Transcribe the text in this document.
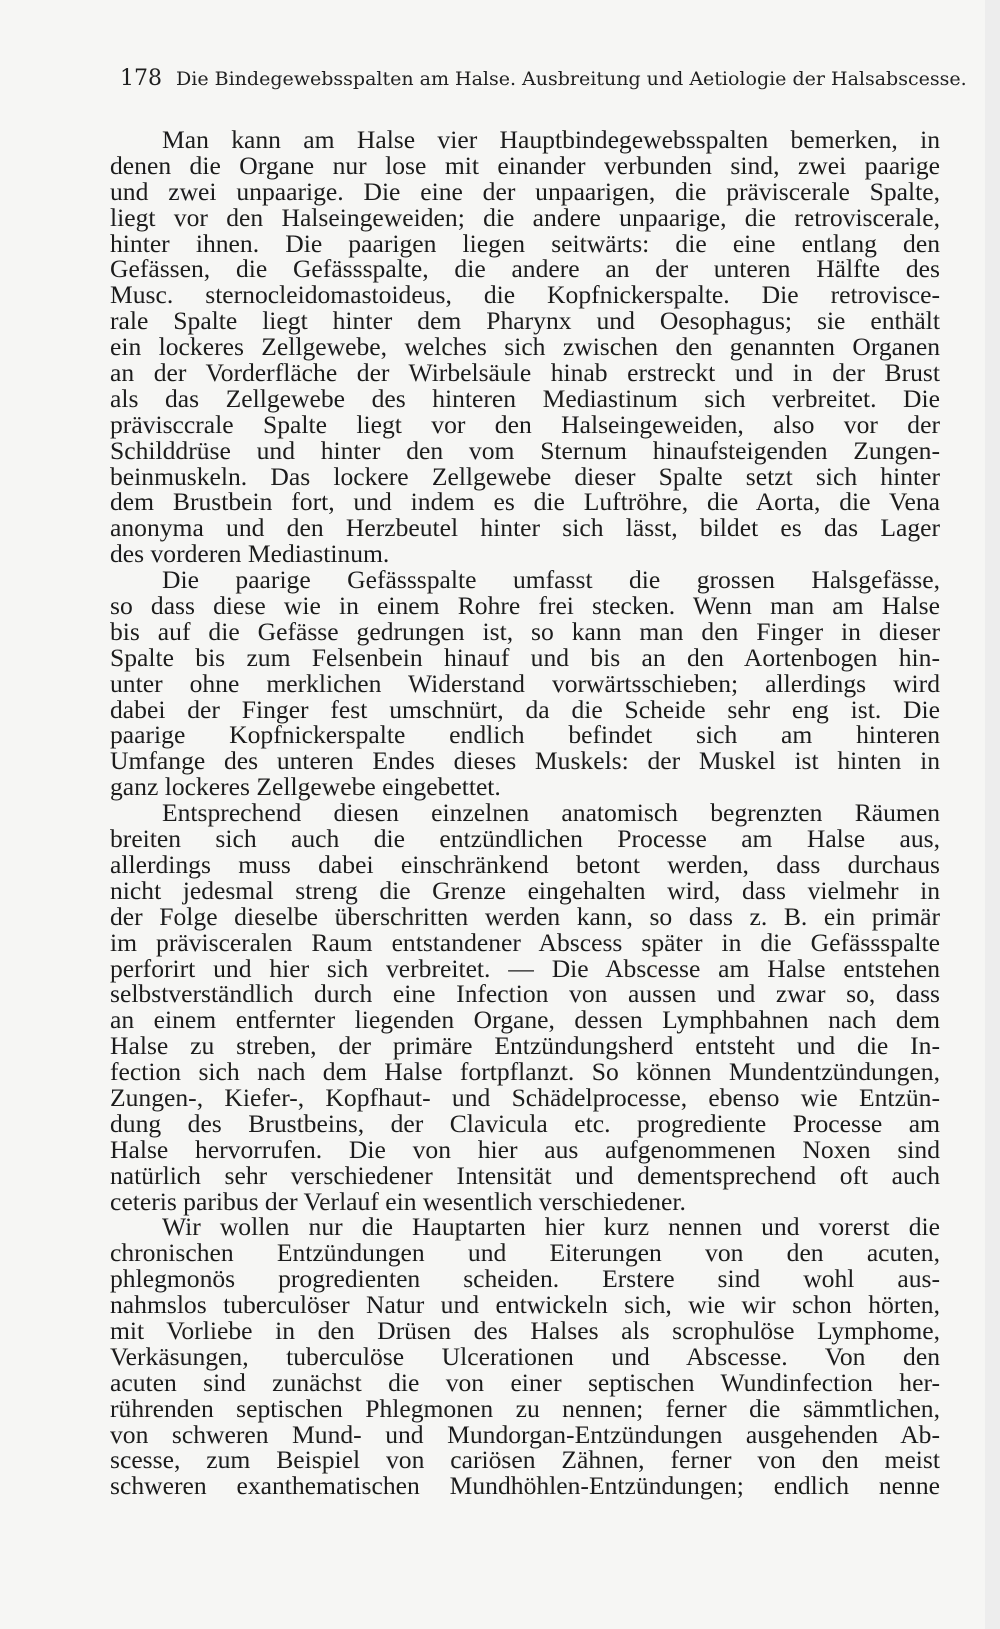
178 Die Bindegewebsspalten am Halse. Ausbreitung und Aetiologie der Halsabscesse.
Man kann am Halse vier Hauptbindegewebsspalten bemerken, in
denen die Organe nur lose mit einander verbunden sind, zwei paarige
und zwei unpaarige. Die eine der unpaarigen, die präviscerale Spalte,
liegt vor den Halseingeweiden; die andere unpaarige, die retroviscerale,
hinter ihnen. Die paarigen liegen seitwärts: die eine entlang den
Gefässen, die Gefässspalte, die andere an der unteren Hälfte des
Musc. sternocleidomastoideus, die Kopfnickerspalte. Die retrovisce-
rale Spalte liegt hinter dem Pharynx und Oesophagus; sie enthält
ein lockeres Zellgewebe, welches sich zwischen den genannten Organen
an der Vorderfläche der Wirbelsäule hinab erstreckt und in der Brust
als das Zellgewebe des hinteren Mediastinum sich verbreitet. Die
prävisccrale Spalte liegt vor den Halseingeweiden, also vor der
Schilddrüse und hinter den vom Sternum hinaufsteigenden Zungen-
beinmuskeln. Das lockere Zellgewebe dieser Spalte setzt sich hinter
dem Brustbein fort, und indem es die Luftröhre, die Aorta, die Vena
anonyma und den Herzbeutel hinter sich lässt, bildet es das Lager
des vorderen Mediastinum.
Die paarige Gefässspalte umfasst die grossen Halsgefässe,
so dass diese wie in einem Rohre frei stecken. Wenn man am Halse
bis auf die Gefässe gedrungen ist, so kann man den Finger in dieser
Spalte bis zum Felsenbein hinauf und bis an den Aortenbogen hin-
unter ohne merklichen Widerstand vorwärtsschieben; allerdings wird
dabei der Finger fest umschnürt, da die Scheide sehr eng ist. Die
paarige Kopfnickerspalte endlich befindet sich am hinteren
Umfange des unteren Endes dieses Muskels: der Muskel ist hinten in
ganz lockeres Zellgewebe eingebettet.
Entsprechend diesen einzelnen anatomisch begrenzten Räumen
breiten sich auch die entzündlichen Processe am Halse aus,
allerdings muss dabei einschränkend betont werden, dass durchaus
nicht jedesmal streng die Grenze eingehalten wird, dass vielmehr in
der Folge dieselbe überschritten werden kann, so dass z. B. ein primär
im prävisceralen Raum entstandener Abscess später in die Gefässspalte
perforirt und hier sich verbreitet. — Die Abscesse am Halse entstehen
selbstverständlich durch eine Infection von aussen und zwar so, dass
an einem entfernter liegenden Organe, dessen Lymphbahnen nach dem
Halse zu streben, der primäre Entzündungsherd entsteht und die In-
fection sich nach dem Halse fortpflanzt. So können Mundentzündungen,
Zungen-, Kiefer-, Kopfhaut- und Schädelprocesse, ebenso wie Entzün-
dung des Brustbeins, der Clavicula etc. progrediente Processe am
Halse hervorrufen. Die von hier aus aufgenommenen Noxen sind
natürlich sehr verschiedener Intensität und dementsprechend oft auch
ceteris paribus der Verlauf ein wesentlich verschiedener.
Wir wollen nur die Hauptarten hier kurz nennen und vorerst die
chronischen Entzündungen und Eiterungen von den acuten,
phlegmonös progredienten scheiden. Erstere sind wohl aus-
nahmslos tuberculöser Natur und entwickeln sich, wie wir schon hörten,
mit Vorliebe in den Drüsen des Halses als scrophulöse Lymphome,
Verkäsungen, tuberculöse Ulcerationen und Abscesse. Von den
acuten sind zunächst die von einer septischen Wundinfection her-
rührenden septischen Phlegmonen zu nennen; ferner die sämmtlichen,
von schweren Mund- und Mundorgan-Entzündungen ausgehenden Ab-
scesse, zum Beispiel von cariösen Zähnen, ferner von den meist
schweren exanthematischen Mundhöhlen-Entzündungen; endlich nenne
